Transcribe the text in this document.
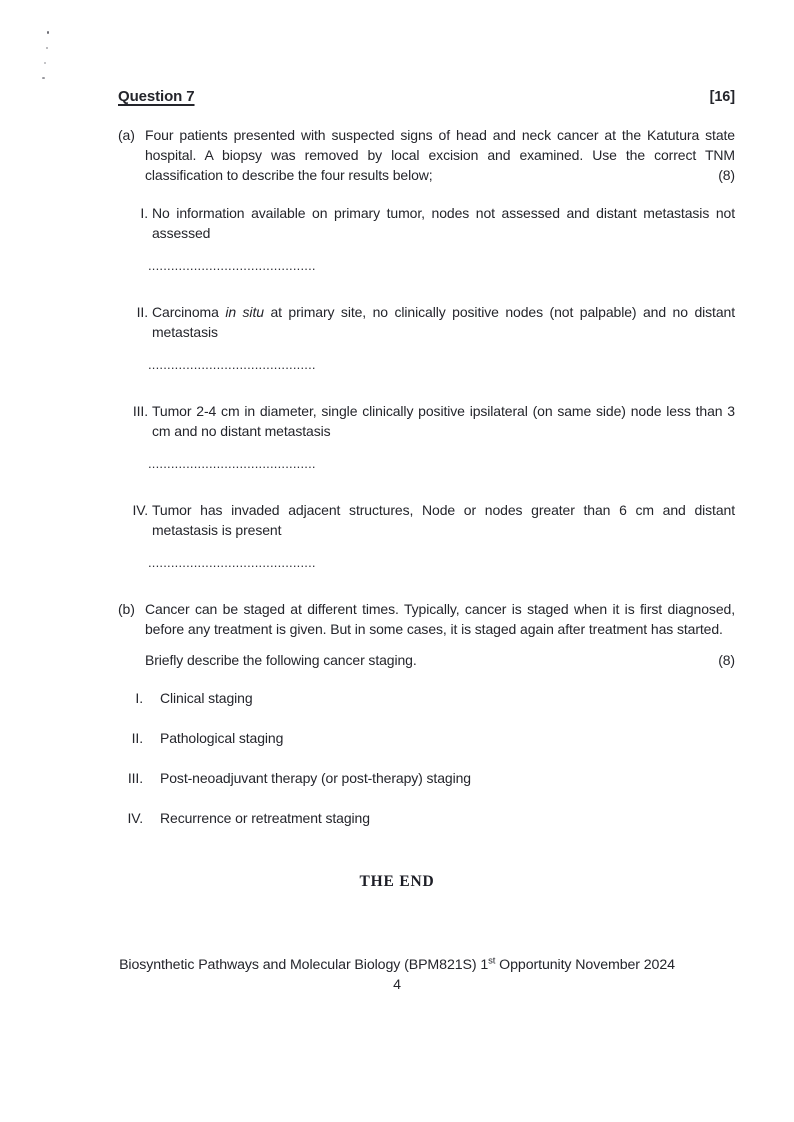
Question 7	[16]
(a) Four patients presented with suspected signs of head and neck cancer at the Katutura state hospital. A biopsy was removed by local excision and examined. Use the correct TNM classification to describe the four results below;	(8)
I. No information available on primary tumor, nodes not assessed and distant metastasis not assessed
............................................
II. Carcinoma in situ at primary site, no clinically positive nodes (not palpable) and no distant metastasis
............................................
III. Tumor 2-4 cm in diameter, single clinically positive ipsilateral (on same side) node less than 3 cm and no distant metastasis
............................................
IV. Tumor has invaded adjacent structures, Node or nodes greater than 6 cm and distant metastasis is present
............................................
(b) Cancer can be staged at different times. Typically, cancer is staged when it is first diagnosed, before any treatment is given. But in some cases, it is staged again after treatment has started.
Briefly describe the following cancer staging.	(8)
I. Clinical staging
II. Pathological staging
III. Post-neoadjuvant therapy (or post-therapy) staging
IV. Recurrence or retreatment staging
THE END
Biosynthetic Pathways and Molecular Biology (BPM821S) 1st Opportunity November 2024
4
